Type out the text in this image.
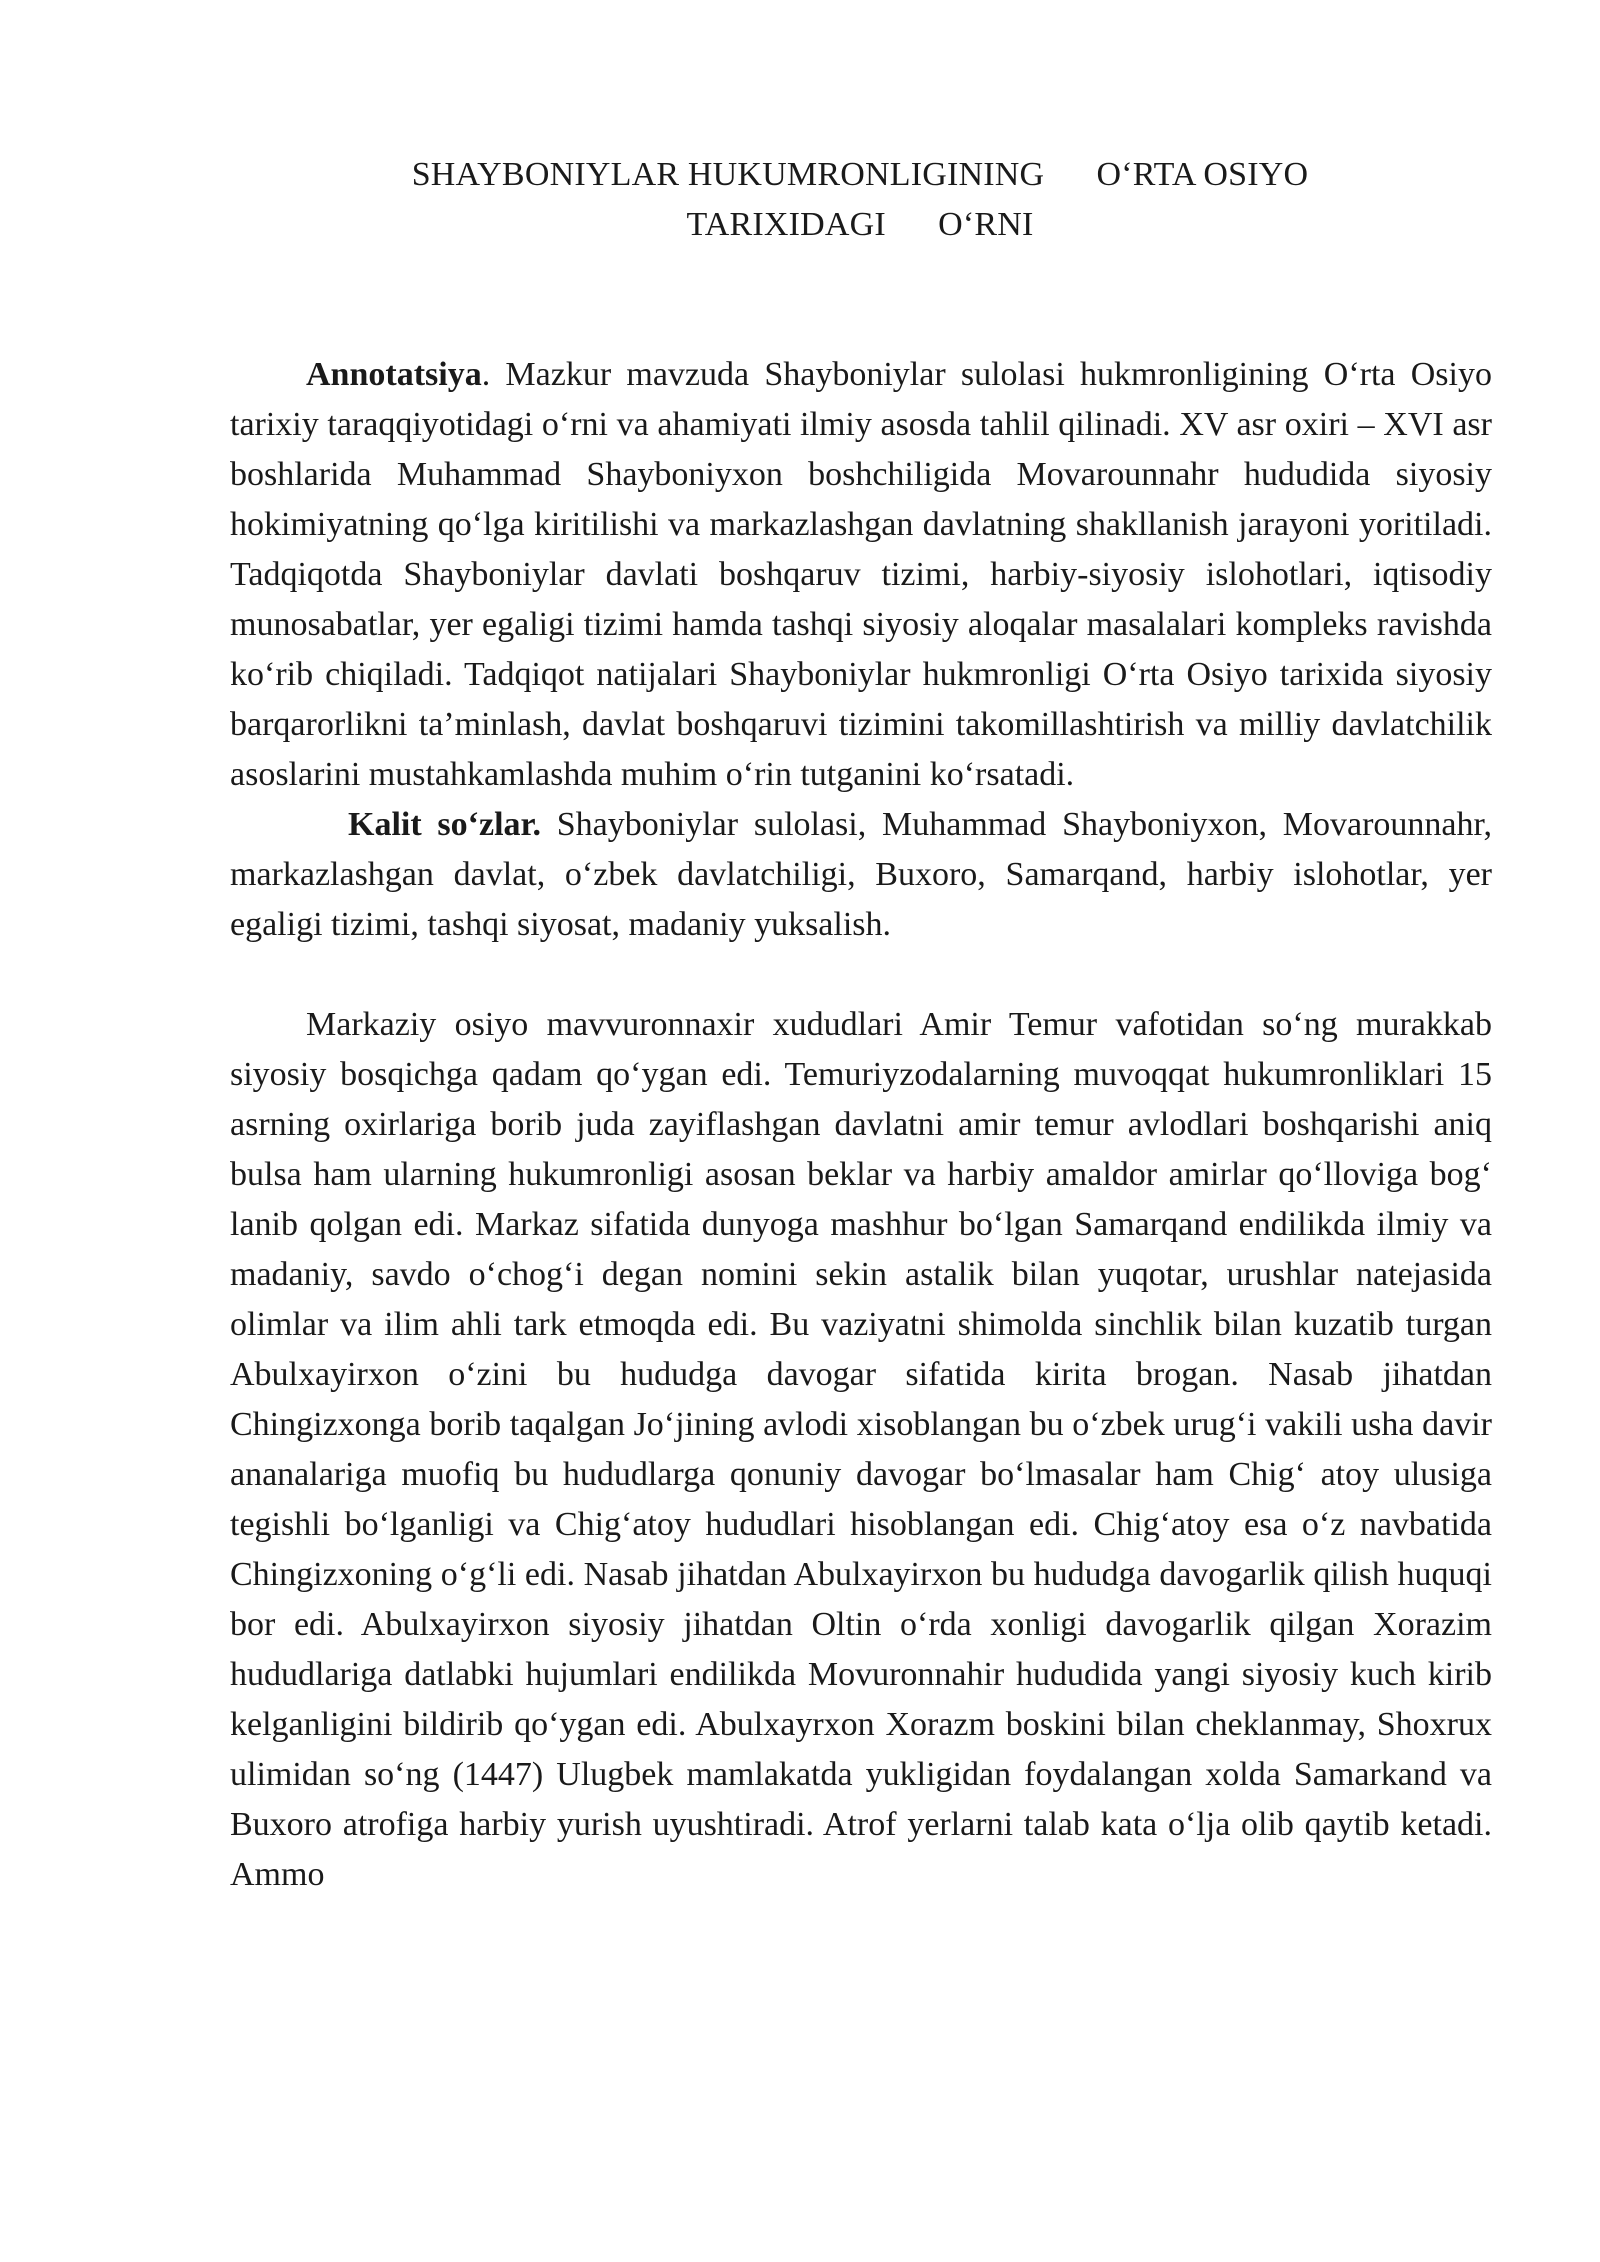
SHAYBONIYLAR HUKUMRONLIGINING      O‘RTA OSIYO
TARIXIDAGI      O‘RNI

Annotatsiya. Mazkur mavzuda Shayboniylar sulolasi hukmronligining O‘rta Osiyo tarixiy taraqqiyotidagi o‘rni va ahamiyati ilmiy asosda tahlil qilinadi. XV asr oxiri – XVI asr boshlarida Muhammad Shayboniyxon boshchiligida Movarounnahr hududida siyosiy hokimiyatning qo‘lga kiritilishi va markazlashgan davlatning shakllanish jarayoni yoritiladi. Tadqiqotda Shayboniylar davlati boshqaruv tizimi, harbiy-siyosiy islohotlari, iqtisodiy munosabatlar, yer egaligi tizimi hamda tashqi siyosiy aloqalar masalalari kompleks ravishda ko‘rib chiqiladi. Tadqiqot natijalari Shayboniylar hukmronligi O‘rta Osiyo tarixida siyosiy barqarorlikni ta’minlash, davlat boshqaruvi tizimini takomillashtirish va milliy davlatchilik asoslarini mustahkamlashda muhim o‘rin tutganini ko‘rsatadi.

Kalit so‘zlar. Shayboniylar sulolasi, Muhammad Shayboniyxon, Movarounnahr, markazlashgan davlat, o‘zbek davlatchiligi, Buxoro, Samarqand, harbiy islohotlar, yer egaligi tizimi, tashqi siyosat, madaniy yuksalish.

Markaziy osiyo mavvuronnaxir xududlari Amir Temur vafotidan so‘ng murakkab siyosiy bosqichga qadam qo‘ygan edi. Temuriyzodalarning muvoqqat hukumronliklari 15 asrning oxirlariga borib juda zayiflashgan davlatni amir temur avlodlari boshqarishi aniq bulsa ham ularning hukumronligi asosan beklar va harbiy amaldor amirlar qo‘lloviga bog‘ lanib qolgan edi. Markaz sifatida dunyoga mashhur bo‘lgan Samarqand endilikda ilmiy va madaniy, savdo o‘chog‘i degan nomini sekin astalik bilan yuqotar, urushlar natejasida olimlar va ilim ahli tark etmoqda edi. Bu vaziyatni shimolda sinchlik bilan kuzatib turgan Abulxayirxon o‘zini bu hududga davogar sifatida kirita brogan. Nasab jihatdan Chingizxonga borib taqalgan Jo‘jining avlodi xisoblangan bu o‘zbek urug‘i vakili usha davir ananalariga muofiq bu hududlarga qonuniy davogar bo‘lmasalar ham Chig‘ atoy ulusiga tegishli bo‘lganligi va Chig‘atoy hududlari hisoblangan edi. Chig‘atoy esa o‘z navbatida Chingizxoning o‘g‘li edi. Nasab jihatdan Abulxayirxon bu hududga davogarlik qilish huquqi bor edi. Abulxayirxon siyosiy jihatdan Oltin o‘rda xonligi davogarlik qilgan Xorazim hududlariga datlabki hujumlari endilikda Movuronnahir hududida yangi siyosiy kuch kirib kelganligini bildirib qo‘ygan edi. Abulxayrxon Xorazm boskini bilan cheklanmay, Shoxrux ulimidan so‘ng (1447) Ulugbek mamlakatda yukligidan foydalangan xolda Samarkand va Buxoro atrofiga harbiy yurish uyushtiradi. Atrof yerlarni talab kata o‘lja olib qaytib ketadi. Ammo
